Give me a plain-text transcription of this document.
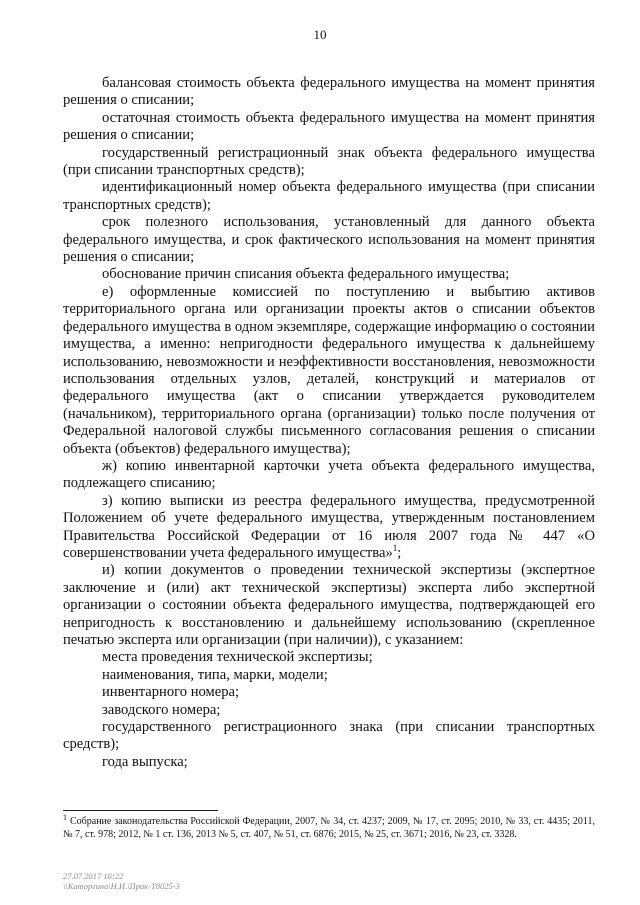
10

балансовая стоимость объекта федерального имущества на момент принятия решения о списании;

остаточная стоимость объекта федерального имущества на момент принятия решения о списании;

государственный регистрационный знак объекта федерального имущества (при списании транспортных средств);

идентификационный номер объекта федерального имущества (при списании транспортных средств);

срок полезного использования, установленный для данного объекта федерального имущества, и срок фактического использования на момент принятия решения о списании;

обоснование причин списания объекта федерального имущества;

е) оформленные комиссией по поступлению и выбытию активов территориального органа или организации проекты актов о списании объектов федерального имущества в одном экземпляре, содержащие информацию о состоянии имущества, а именно: непригодности федерального имущества к дальнейшему использованию, невозможности и неэффективности восстановления, невозможности использования отдельных узлов, деталей, конструкций и материалов от федерального имущества (акт о списании утверждается руководителем (начальником), территориального органа (организации) только после получения от Федеральной налоговой службы письменного согласования решения о списании объекта (объектов) федерального имущества);

ж) копию инвентарной карточки учета объекта федерального имущества, подлежащего списанию;

з) копию выписки из реестра федерального имущества, предусмотренной Положением об учете федерального имущества, утвержденным постановлением Правительства Российской Федерации от 16 июля 2007 года № 447 «О совершенствовании учета федерального имущества»$^1$;

и) копии документов о проведении технической экспертизы (экспертное заключение и (или) акт технической экспертизы) эксперта либо экспертной организации о состоянии объекта федерального имущества, подтверждающей его непригодность к восстановлению и дальнейшему использованию (скрепленное печатью эксперта или организации (при наличии)), с указанием:

места проведения технической экспертизы;

наименования, типа, марки, модели;

инвентарного номера;

заводского номера;

государственного регистрационного знака (при списании транспортных средств);

года выпуска;

$^1$ Собрание законодательства Российской Федерации, 2007, № 34, ст. 4237; 2009, № 17, ст. 2095; 2010, № 33, ст. 4435; 2011, № 7, ст. 978; 2012, № 1 ст. 136, 2013 № 5, ст. 407, № 51, ст. 6876; 2015, № 25, ст. 3671; 2016, № 23, ст. 3328.
27.07.2017 16:22
\\Каторгина\Н.И.\Прик-Т8025-3
